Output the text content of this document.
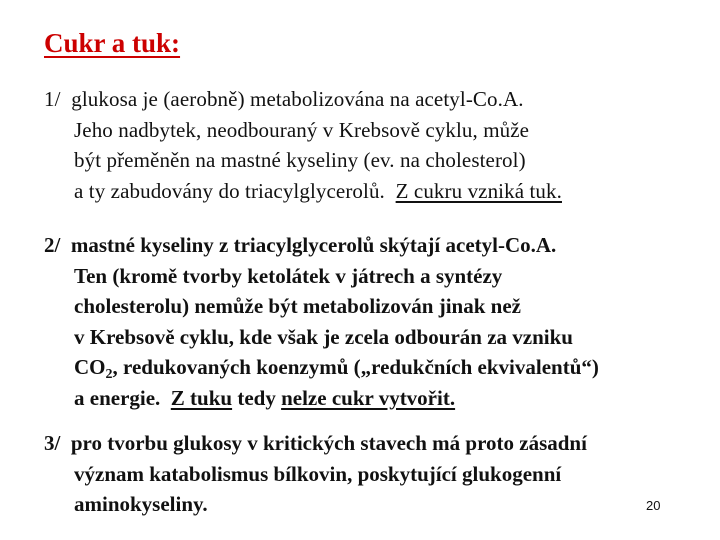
Cukr a tuk:
1/ glukosa je (aerobně) metabolizována na acetyl-Co.A.
Jeho nadbytek, neodbouraný v Krebsově cyklu, může
být přeměněn na mastné kyseliny (ev. na cholesterol)
a ty zabudovány do triacylglycerolů. Z cukru vzniká tuk.
2/ mastné kyseliny z triacylglycerolů skýtají acetyl-Co.A.
Ten (kromě tvorby ketolátek v játrech a syntézy
cholesterolu) nemůže být metabolizován jinak než
v Krebsově cyklu, kde však je zcela odbourán za vzniku
$CO_2$, redukovaných koenzymů („redukčních ekvivalentů“)
a energie. Z tuku tedy nelze cukr vytvořit.
3/ pro tvorbu glukosy v kritických stavech má proto zásadní
význam katabolismus bílkovin, poskytující glukogenní
aminokyseliny.	20
